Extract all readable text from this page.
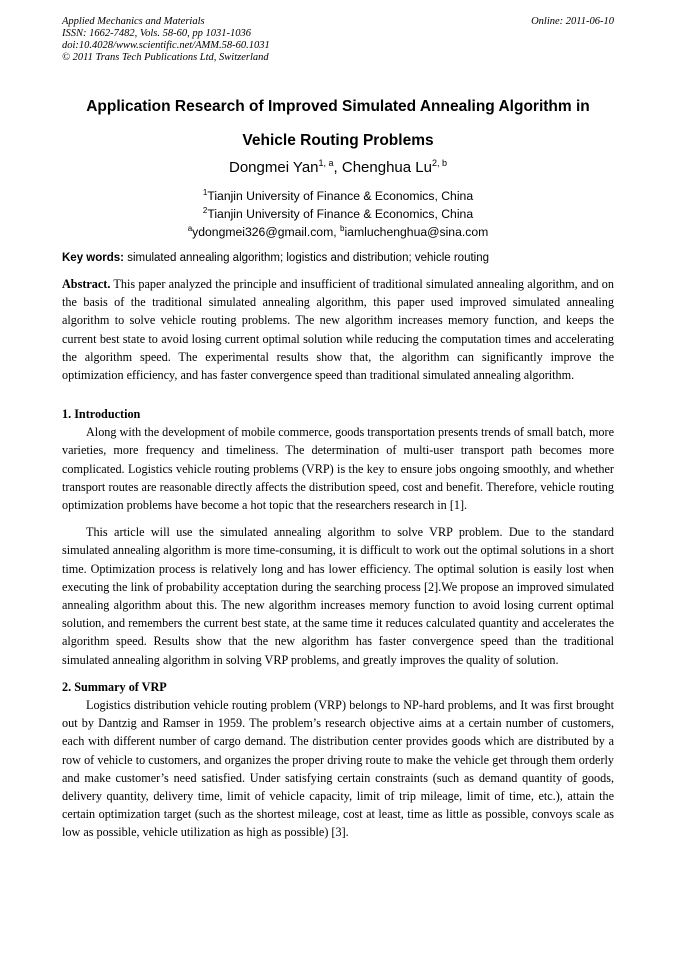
Applied Mechanics and Materials
ISSN: 1662-7482, Vols. 58-60, pp 1031-1036
doi:10.4028/www.scientific.net/AMM.58-60.1031
© 2011 Trans Tech Publications Ltd, Switzerland
Online: 2011-06-10
Application Research of Improved Simulated Annealing Algorithm in
Vehicle Routing Problems
Dongmei Yan$^{1, a}$, Chenghua Lu$^{2, b}$
$^1$Tianjin University of Finance & Economics, China
$^2$Tianjin University of Finance & Economics, China
$^a$ydongmei326@gmail.com, $^b$iamluchenghua@sina.com
Key words: simulated annealing algorithm; logistics and distribution; vehicle routing

Abstract. This paper analyzed the principle and insufficient of traditional simulated annealing algorithm, and on the basis of the traditional simulated annealing algorithm, this paper used improved simulated annealing algorithm to solve vehicle routing problems. The new algorithm increases memory function, and keeps the current best state to avoid losing current optimal solution while reducing the computation times and accelerating the algorithm speed. The experimental results show that, the algorithm can significantly improve the optimization efficiency, and has faster convergence speed than traditional simulated annealing algorithm.

1. Introduction

Along with the development of mobile commerce, goods transportation presents trends of small batch, more varieties, more frequency and timeliness. The determination of multi-user transport path becomes more complicated. Logistics vehicle routing problems (VRP) is the key to ensure jobs ongoing smoothly, and whether transport routes are reasonable directly affects the distribution speed, cost and benefit. Therefore, vehicle routing optimization problems have become a hot topic that the researchers research in [1].

This article will use the simulated annealing algorithm to solve VRP problem. Due to the standard simulated annealing algorithm is more time-consuming, it is difficult to work out the optimal solutions in a short time. Optimization process is relatively long and has lower efficiency. The optimal solution is easily lost when executing the link of probability acceptation during the searching process [2].We propose an improved simulated annealing algorithm about this. The new algorithm increases memory function to avoid losing current optimal solution, and remembers the current best state, at the same time it reduces calculated quantity and accelerates the algorithm speed. Results show that the new algorithm has faster convergence speed than the traditional simulated annealing algorithm in solving VRP problems, and greatly improves the quality of solution.

2. Summary of VRP

Logistics distribution vehicle routing problem (VRP) belongs to NP-hard problems, and It was first brought out by Dantzig and Ramser in 1959. The problem’s research objective aims at a certain number of customers, each with different number of cargo demand. The distribution center provides goods which are distributed by a row of vehicle to customers, and organizes the proper driving route to make the vehicle get through them orderly and make customer’s need satisfied. Under satisfying certain constraints (such as demand quantity of goods, delivery quantity, delivery time, limit of vehicle capacity, limit of trip mileage, limit of time, etc.), attain the certain optimization target (such as the shortest mileage, cost at least, time as little as possible, convoys scale as low as possible, vehicle utilization as high as possible) [3].
